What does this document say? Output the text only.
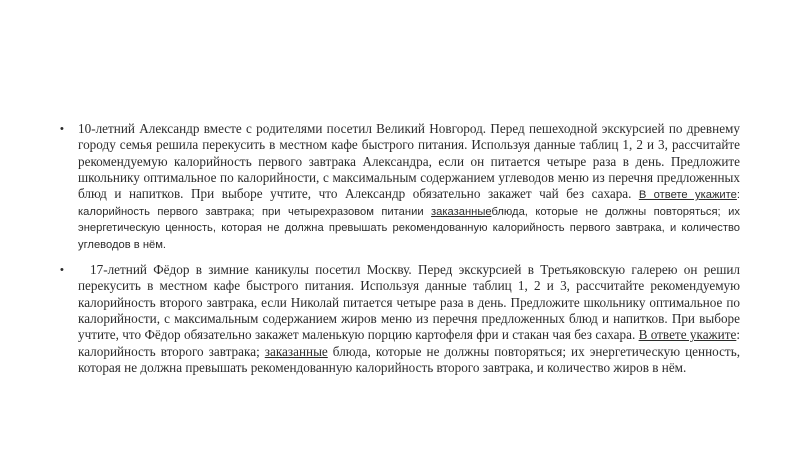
• 10-летний Александр вместе с родителями посетил Великий Новгород. Перед пешеходной экскурсией по древнему городу семья решила перекусить в местном кафе быстрого питания. Используя данные таблиц 1, 2 и 3, рассчитайте рекомендуемую калорийность первого завтрака Александра, если он питается четыре раза в день. Предложите школьнику оптимальное по калорийности, с максимальным содержанием углеводов меню из перечня предложенных блюд и напитков. При выборе учтите, что Александр обязательно закажет чай без сахара. В ответе укажите: калорийность первого завтрака; при четырехразовом питании заказанныеблюда, которые не должны повторяться; их энергетическую ценность, которая не должна превышать рекомендованную калорийность первого завтрака, и количество углеводов в нём.
• 17-летний Фёдор в зимние каникулы посетил Москву. Перед экскурсией в Третьяковскую галерею он решил перекусить в местном кафе быстрого питания. Используя данные таблиц 1, 2 и 3, рассчитайте рекомендуемую калорийность второго завтрака, если Николай питается четыре раза в день. Предложите школьнику оптимальное по калорийности, с максимальным содержанием жиров меню из перечня предложенных блюд и напитков. При выборе учтите, что Фёдор обязательно закажет маленькую порцию картофеля фри и стакан чая без сахара. В ответе укажите: калорийность второго завтрака; заказанные блюда, которые не должны повторяться; их энергетическую ценность, которая не должна превышать рекомендованную калорийность второго завтрака, и количество жиров в нём.
